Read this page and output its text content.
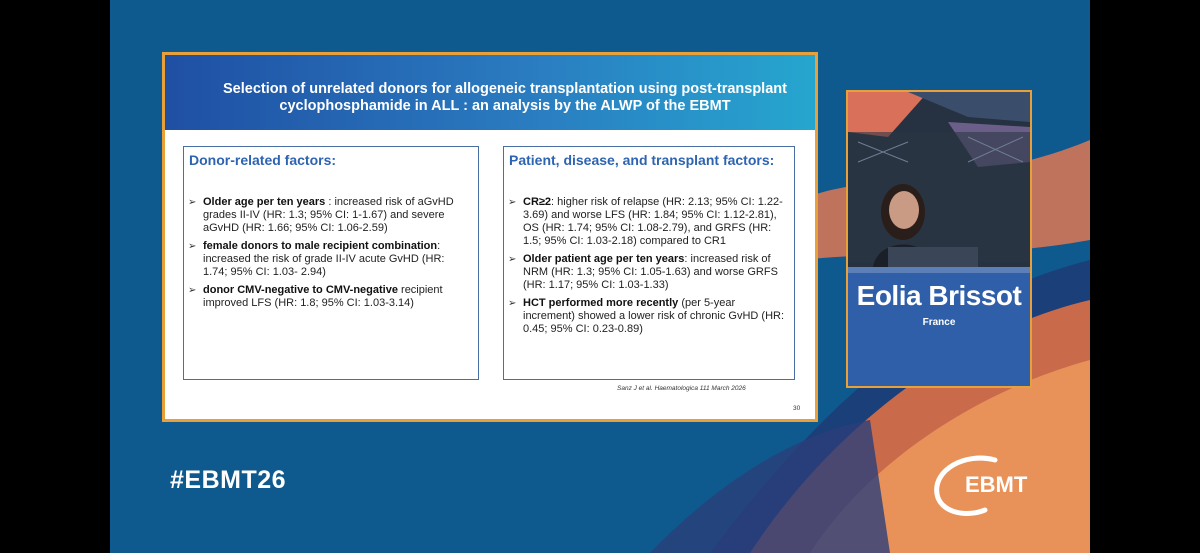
Selection of unrelated donors for allogeneic transplantation using post-transplant cyclophosphamide in ALL : an analysis by the ALWP of the EBMT
Donor-related factors:
➢ Older age per ten years : increased risk of aGvHD grades II-IV (HR: 1.3; 95% CI: 1-1.67) and severe aGvHD (HR: 1.66; 95% CI: 1.06-2.59)
➢ female donors to male recipient combination: increased the risk of grade II-IV acute GvHD (HR: 1.74; 95% CI: 1.03- 2.94)
➢ donor CMV-negative to CMV-negative recipient improved LFS (HR: 1.8; 95% CI: 1.03-3.14)
Patient, disease, and transplant factors:
➢ CR≥2: higher risk of relapse (HR: 2.13; 95% CI: 1.22-3.69) and worse LFS (HR: 1.84; 95% CI: 1.12-2.81), OS (HR: 1.74; 95% CI: 1.08-2.79), and GRFS (HR: 1.5; 95% CI: 1.03-2.18) compared to CR1
➢ Older patient age per ten years: increased risk of NRM (HR: 1.3; 95% CI: 1.05-1.63) and worse GRFS (HR: 1.17; 95% CI: 1.03-1.33)
➢ HCT performed more recently (per 5-year increment) showed a lower risk of chronic GvHD (HR: 0.45; 95% CI: 0.23-0.89)
Sanz J et al. Haematologica 111 March 2026
30
Eolia Brissot
France
#EBMT26	EBMT
